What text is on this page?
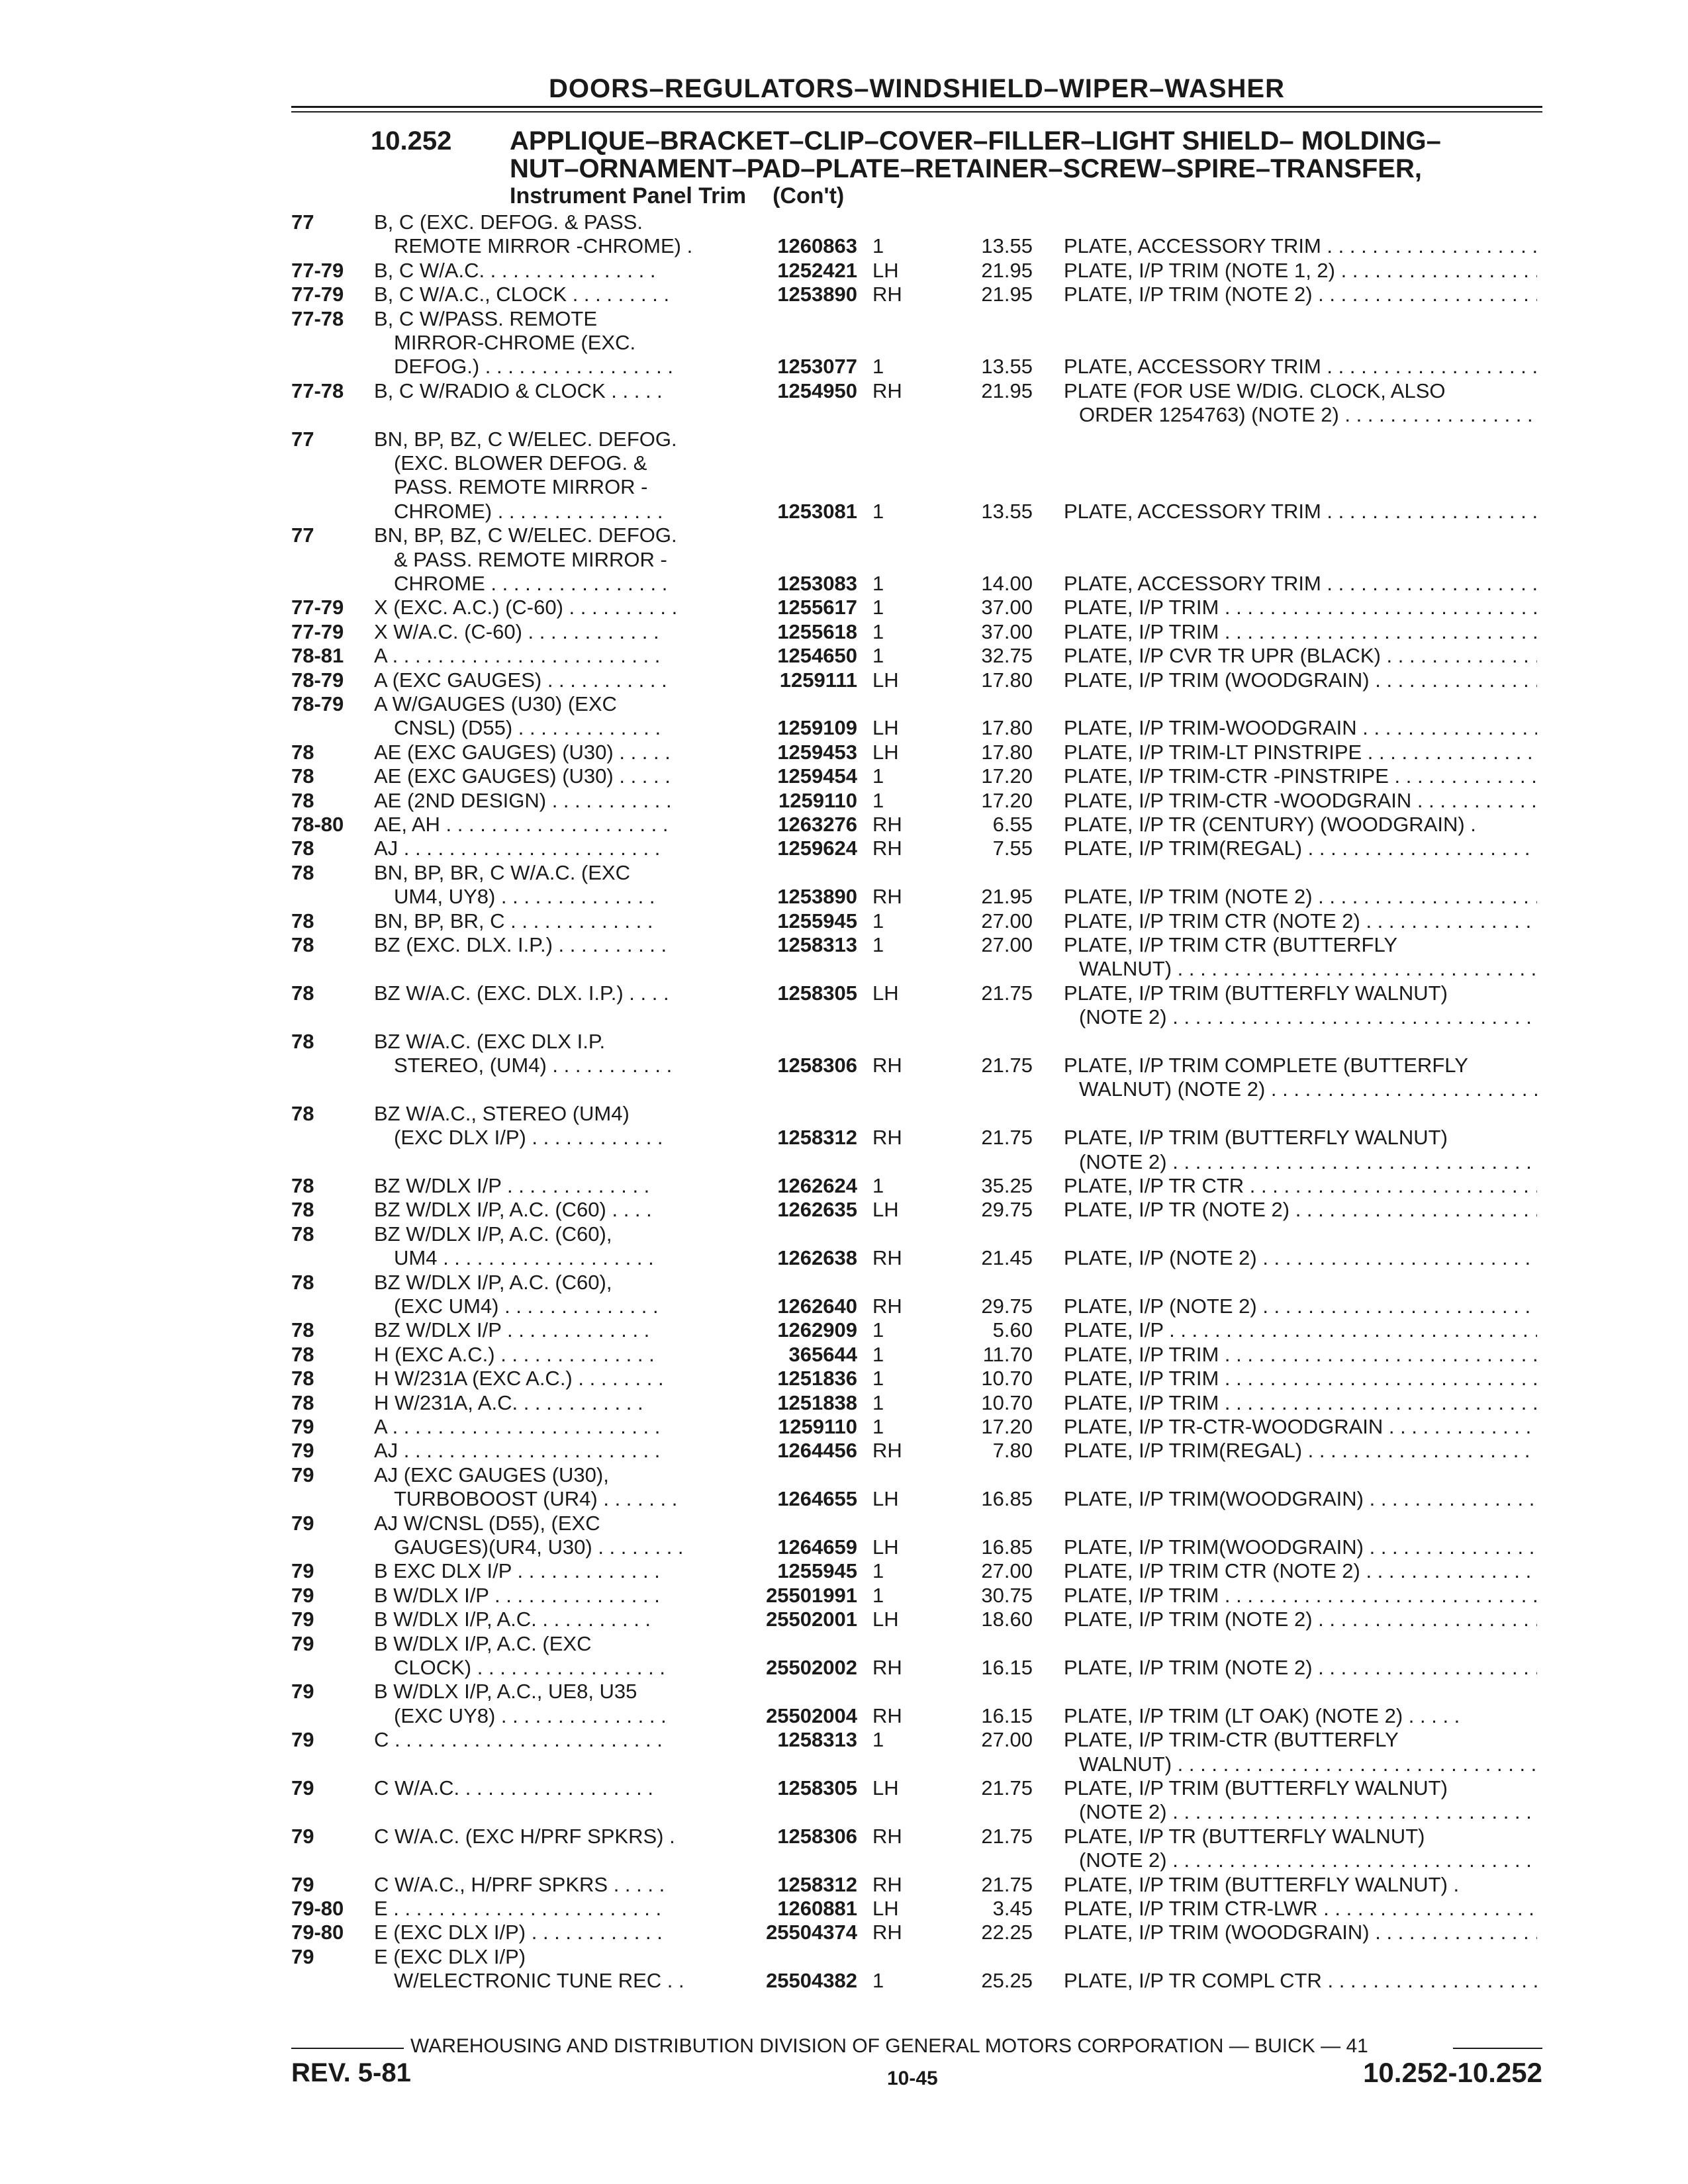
DOORS–REGULATORS–WINDSHIELD–WIPER–WASHER
10.252 APPLIQUE–BRACKET–CLIP–COVER–FILLER–LIGHT SHIELD– MOLDING–
NUT–ORNAMENT–PAD–PLATE–RETAINER–SCREW–SPIRE–TRANSFER,
Instrument Panel Trim (Con't)
77	B, C (EXC. DEFOG. & PASS.
REMOTE MIRROR -CHROME) .	1260863 1	13.55 PLATE, ACCESSORY TRIM . . .
77-79 B, C W/A.C. . . . . . . . . . . . . . . .	1252421 LH	21.95 PLATE, I/P TRIM (NOTE 1, 2) . . .
77-79 B, C W/A.C., CLOCK . . . . . . . . .	1253890 RH	21.95 PLATE, I/P TRIM (NOTE 2) . . .
77-78 B, C W/PASS. REMOTE
MIRROR-CHROME (EXC.
DEFOG.) . . . . . . . . . . . . . . . . .	1253077 1	13.55 PLATE, ACCESSORY TRIM . . .
77-78 B, C W/RADIO & CLOCK . . . . .	1254950 RH	21.95 PLATE (FOR USE W/DIG. CLOCK, ALSO
ORDER 1254763) (NOTE 2) . . .
77	BN, BP, BZ, C W/ELEC. DEFOG.
(EXC. BLOWER DEFOG. &
PASS. REMOTE MIRROR -
CHROME) . . . . . . . . . . . . . . .	1253081 1	13.55 PLATE, ACCESSORY TRIM . . .
77	BN, BP, BZ, C W/ELEC. DEFOG.
& PASS. REMOTE MIRROR -
CHROME . . . . . . . . . . . . . . . .	1253083 1	14.00 PLATE, ACCESSORY TRIM . . .
77-79 X (EXC. A.C.) (C-60) . . . . . . . . . .	1255617 1	37.00 PLATE, I/P TRIM . . .
77-79 X W/A.C. (C-60) . . . . . . . . . . . .	1255618 1	37.00 PLATE, I/P TRIM . . .
78-81 A . . . . . . . . . . . . . . . . . . . . . . . .	1254650 1	32.75 PLATE, I/P CVR TR UPR (BLACK) . . .
78-79 A (EXC GAUGES) . . . . . . . . . . .	1259111 LH	17.80 PLATE, I/P TRIM (WOODGRAIN) . . .
78-79 A W/GAUGES (U30) (EXC
CNSL) (D55) . . . . . . . . . . . . .	1259109 LH	17.80 PLATE, I/P TRIM-WOODGRAIN . . .
78	AE (EXC GAUGES) (U30) . . . . .	1259453 LH	17.80 PLATE, I/P TRIM-LT PINSTRIPE . . .
78	AE (EXC GAUGES) (U30) . . . . .	1259454 1	17.20 PLATE, I/P TRIM-CTR -PINSTRIPE . . .
78	AE (2ND DESIGN) . . . . . . . . . . .	1259110 1	17.20 PLATE, I/P TRIM-CTR -WOODGRAIN . . .
78-80 AE, AH . . . . . . . . . . . . . . . . . . . .	1263276 RH	6.55 PLATE, I/P TR (CENTURY) (WOODGRAIN) .
78	AJ . . . . . . . . . . . . . . . . . . . . . . .	1259624 RH	7.55 PLATE, I/P TRIM(REGAL) . . .
78	BN, BP, BR, C W/A.C. (EXC
UM4, UY8) . . . . . . . . . . . . . .	1253890 RH	21.95 PLATE, I/P TRIM (NOTE 2) . . .
78	BN, BP, BR, C . . . . . . . . . . . . .	1255945 1	27.00 PLATE, I/P TRIM CTR (NOTE 2) . . .
78	BZ (EXC. DLX. I.P.) . . . . . . . . . .	1258313 1	27.00 PLATE, I/P TRIM CTR (BUTTERFLY
WALNUT) . . .
78	BZ W/A.C. (EXC. DLX. I.P.) . . . .	1258305 LH	21.75 PLATE, I/P TRIM (BUTTERFLY WALNUT)
(NOTE 2) . . .
78	BZ W/A.C. (EXC DLX I.P.
STEREO, (UM4) . . . . . . . . . . .	1258306 RH	21.75 PLATE, I/P TRIM COMPLETE (BUTTERFLY
WALNUT) (NOTE 2) . . .
78	BZ W/A.C., STEREO (UM4)
(EXC DLX I/P) . . . . . . . . . . . .	1258312 RH	21.75 PLATE, I/P TRIM (BUTTERFLY WALNUT)
(NOTE 2) . . .
78	BZ W/DLX I/P . . . . . . . . . . . . .	1262624 1	35.25 PLATE, I/P TR CTR . . .
78	BZ W/DLX I/P, A.C. (C60) . . . .	1262635 LH	29.75 PLATE, I/P TR (NOTE 2) . . .
78	BZ W/DLX I/P, A.C. (C60),
UM4 . . . . . . . . . . . . . . . . . . .	1262638 RH	21.45 PLATE, I/P (NOTE 2) . . .
78	BZ W/DLX I/P, A.C. (C60),
(EXC UM4) . . . . . . . . . . . . . .	1262640 RH	29.75 PLATE, I/P (NOTE 2) . . .
78	BZ W/DLX I/P . . . . . . . . . . . . .	1262909 1	5.60 PLATE, I/P . . .
78	H (EXC A.C.) . . . . . . . . . . . . . .	365644 1	11.70 PLATE, I/P TRIM . . .
78	H W/231A (EXC A.C.) . . . . . . . .	1251836 1	10.70 PLATE, I/P TRIM . . .
78	H W/231A, A.C. . . . . . . . . . . .	1251838 1	10.70 PLATE, I/P TRIM . . .
79	A . . . . . . . . . . . . . . . . . . . . . . . .	1259110 1	17.20 PLATE, I/P TR-CTR-WOODGRAIN . . .
79	AJ . . . . . . . . . . . . . . . . . . . . . . .	1264456 RH	7.80 PLATE, I/P TRIM(REGAL) . . .
79	AJ (EXC GAUGES (U30),
TURBOBOOST (UR4) . . . . . . .	1264655 LH	16.85 PLATE, I/P TRIM(WOODGRAIN) . . .
79	AJ W/CNSL (D55), (EXC
GAUGES)(UR4, U30) . . . . . . . .	1264659 LH	16.85 PLATE, I/P TRIM(WOODGRAIN) . . .
79	B EXC DLX I/P . . . . . . . . . . . . .	1255945 1	27.00 PLATE, I/P TRIM CTR (NOTE 2) . . .
79	B W/DLX I/P . . . . . . . . . . . . . . .	25501991 1	30.75 PLATE, I/P TRIM . . .
79	B W/DLX I/P, A.C. . . . . . . . . . .	25502001 LH	18.60 PLATE, I/P TRIM (NOTE 2) . . .
79	B W/DLX I/P, A.C. (EXC
CLOCK) . . . . . . . . . . . . . . . . .	25502002 RH	16.15 PLATE, I/P TRIM (NOTE 2) . . .
79	B W/DLX I/P, A.C., UE8, U35
(EXC UY8) . . . . . . . . . . . . . . .	25502004 RH	16.15 PLATE, I/P TRIM (LT OAK) (NOTE 2) . . . . .
79	C . . . . . . . . . . . . . . . . . . . . . . . .	1258313 1	27.00 PLATE, I/P TRIM-CTR (BUTTERFLY
WALNUT) . . .
79	C W/A.C. . . . . . . . . . . . . . . . . .	1258305 LH	21.75 PLATE, I/P TRIM (BUTTERFLY WALNUT)
(NOTE 2) . . .
79	C W/A.C. (EXC H/PRF SPKRS) .	1258306 RH	21.75 PLATE, I/P TR (BUTTERFLY WALNUT)
(NOTE 2) . . .
79	C W/A.C., H/PRF SPKRS . . . . .	1258312 RH	21.75 PLATE, I/P TRIM (BUTTERFLY WALNUT) .
79-80 E . . . . . . . . . . . . . . . . . . . . . . . .	1260881 LH	3.45 PLATE, I/P TRIM CTR-LWR . . .
79-80 E (EXC DLX I/P) . . . . . . . . . . . .	25504374 RH	22.25 PLATE, I/P TRIM (WOODGRAIN) . . .
79	E (EXC DLX I/P)
W/ELECTRONIC TUNE REC . .	25504382 1	25.25 PLATE, I/P TR COMPL CTR . . .
WAREHOUSING AND DISTRIBUTION DIVISION OF GENERAL MOTORS CORPORATION — BUICK — 41
REV. 5-81	10-45	10.252-10.252
